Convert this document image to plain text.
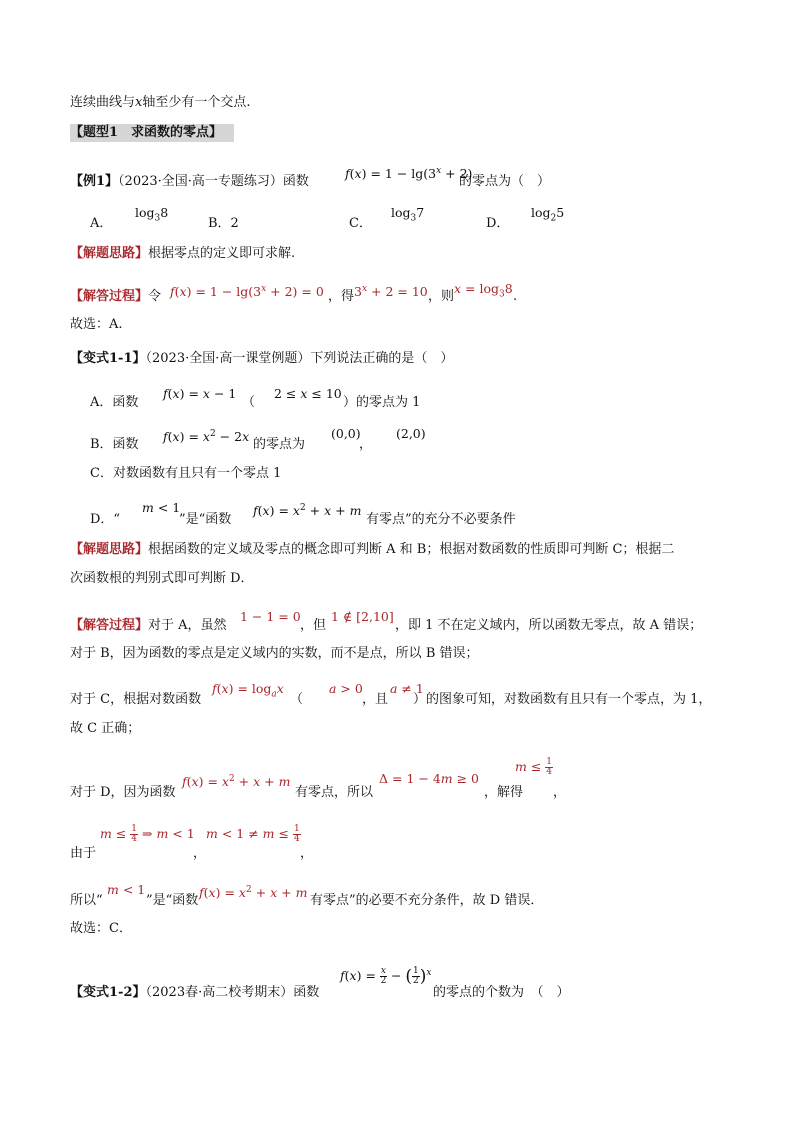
连续曲线与x轴至少有一个交点.
【题型1　求函数的零点】
【例1】（2023·全国·高一专题练习）函数
$f(x) = 1 - \lg(3^x + 2)$
的零点为（　）
A．
$\log_38$
B．2	C．
$\log_37$
D．
$\log_25$
【解题思路】根据零点的定义即可求解.
【解答过程】令 $f(x) = 1 - \lg(3^x + 2) = 0$ ，得 $3^x + 2 = 10$ ，则
$x = \log_38$
.
故选：A.
【变式1-1】（2023·全国·高一课堂例题）下列说法正确的是（　）
A．函数
f(x) = x − 1
（
2 ≤ x ≤ 10
）的零点为 1
B．函数
$f(x) = x^2 - 2x$
的零点为
(0,0)
，
(2,0)
C．对数函数有且只有一个零点 1
D．“
m < 1
”是“函数
$f(x) = x^2 + x + m$
有零点”的充分不必要条件
【解题思路】根据函数的定义域及零点的概念即可判断 A 和 B；根据对数函数的性质即可判断 C；根据二
次函数根的判别式即可判断 D．
【解答过程】对于 A，虽然
1 − 1 = 0
，但
1 ∉ [2,10]
，即 1 不在定义域内，所以函数无零点，故 A 错误；
对于 B，因为函数的零点是定义域内的实数，而不是点，所以 B 错误；
对于 C，根据对数函数
$f(x) = \log_ax$
（
a > 0
，且
a ≠ 1
）的图象可知，对数函数有且只有一个零点，为 1，
故 C 正确；
对于 D，因为函数
$f(x) = x^2 + x + m$
有零点，所以
Δ = 1 − 4m ≥ 0
，解得
$m \le \frac{1}{4}$
，
由于
$m \le \frac{1}{4}$ ⇒ m < 1
，
$m < 1 \ne m \le \frac{1}{4}$
，
所以“
m < 1
”是“函数
$f(x) = x^2 + x + m$
有零点”的必要不充分条件，故 D 错误．
故选：C．
【变式1-2】（2023春·高二校考期末）函数
$f(x) = \frac{x}{2}$ − ( $\frac{1}{2} )^x$
的零点的个数为　（　）
